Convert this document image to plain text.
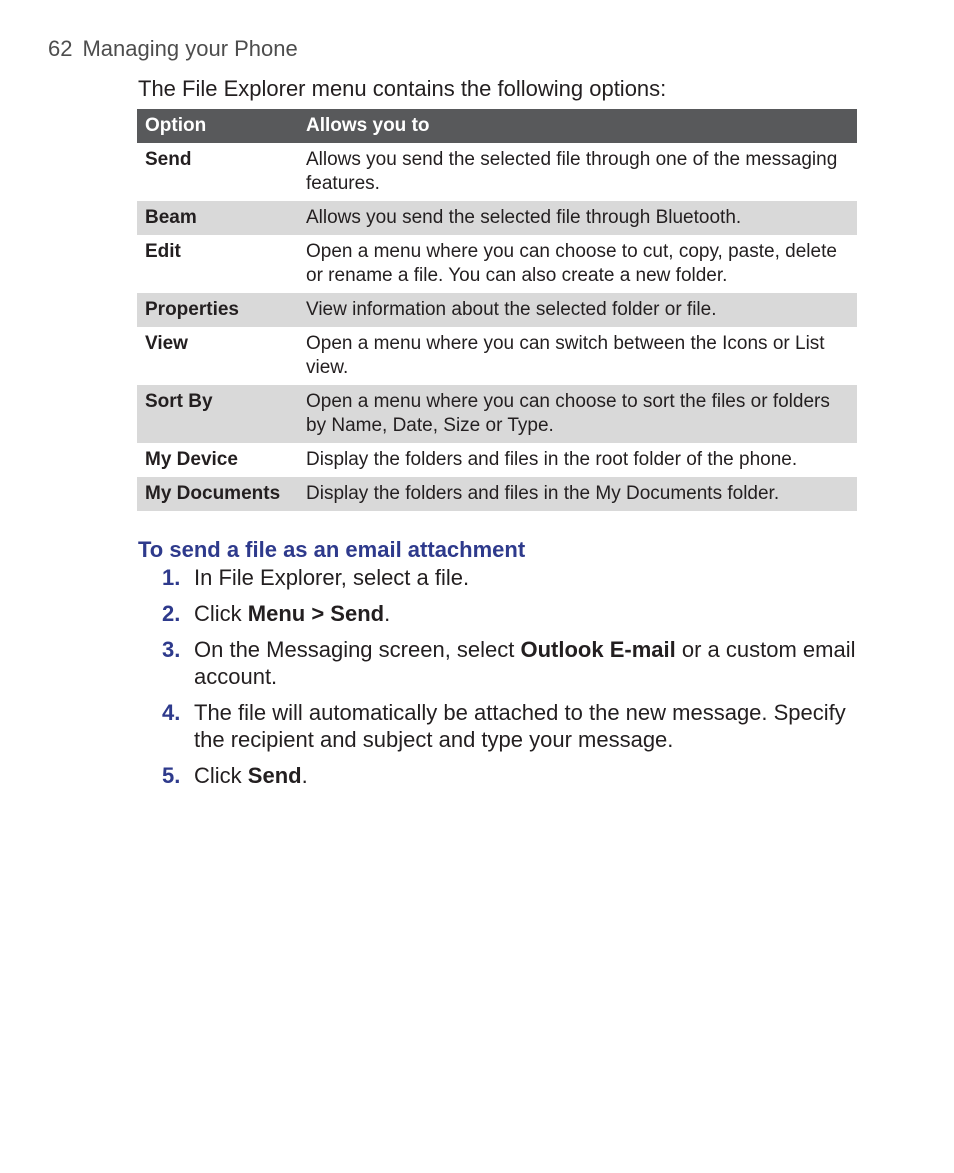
62 Managing your Phone
The File Explorer menu contains the following options:
Option	Allows you to
Send	Allows you send the selected file through one of the messaging features.
Beam	Allows you send the selected file through Bluetooth.
Edit	Open a menu where you can choose to cut, copy, paste, delete or rename a file. You can also create a new folder.
Properties	View information about the selected folder or file.
View	Open a menu where you can switch between the Icons or List view.
Sort By	Open a menu where you can choose to sort the files or folders by Name, Date, Size or Type.
My Device	Display the folders and files in the root folder of the phone.
My Documents	Display the folders and files in the My Documents folder.
To send a file as an email attachment
1. In File Explorer, select a file.
2. Click Menu > Send.
3. On the Messaging screen, select Outlook E-mail or a custom email account.
4. The file will automatically be attached to the new message. Specify the recipient and subject and type your message.
5. Click Send.
